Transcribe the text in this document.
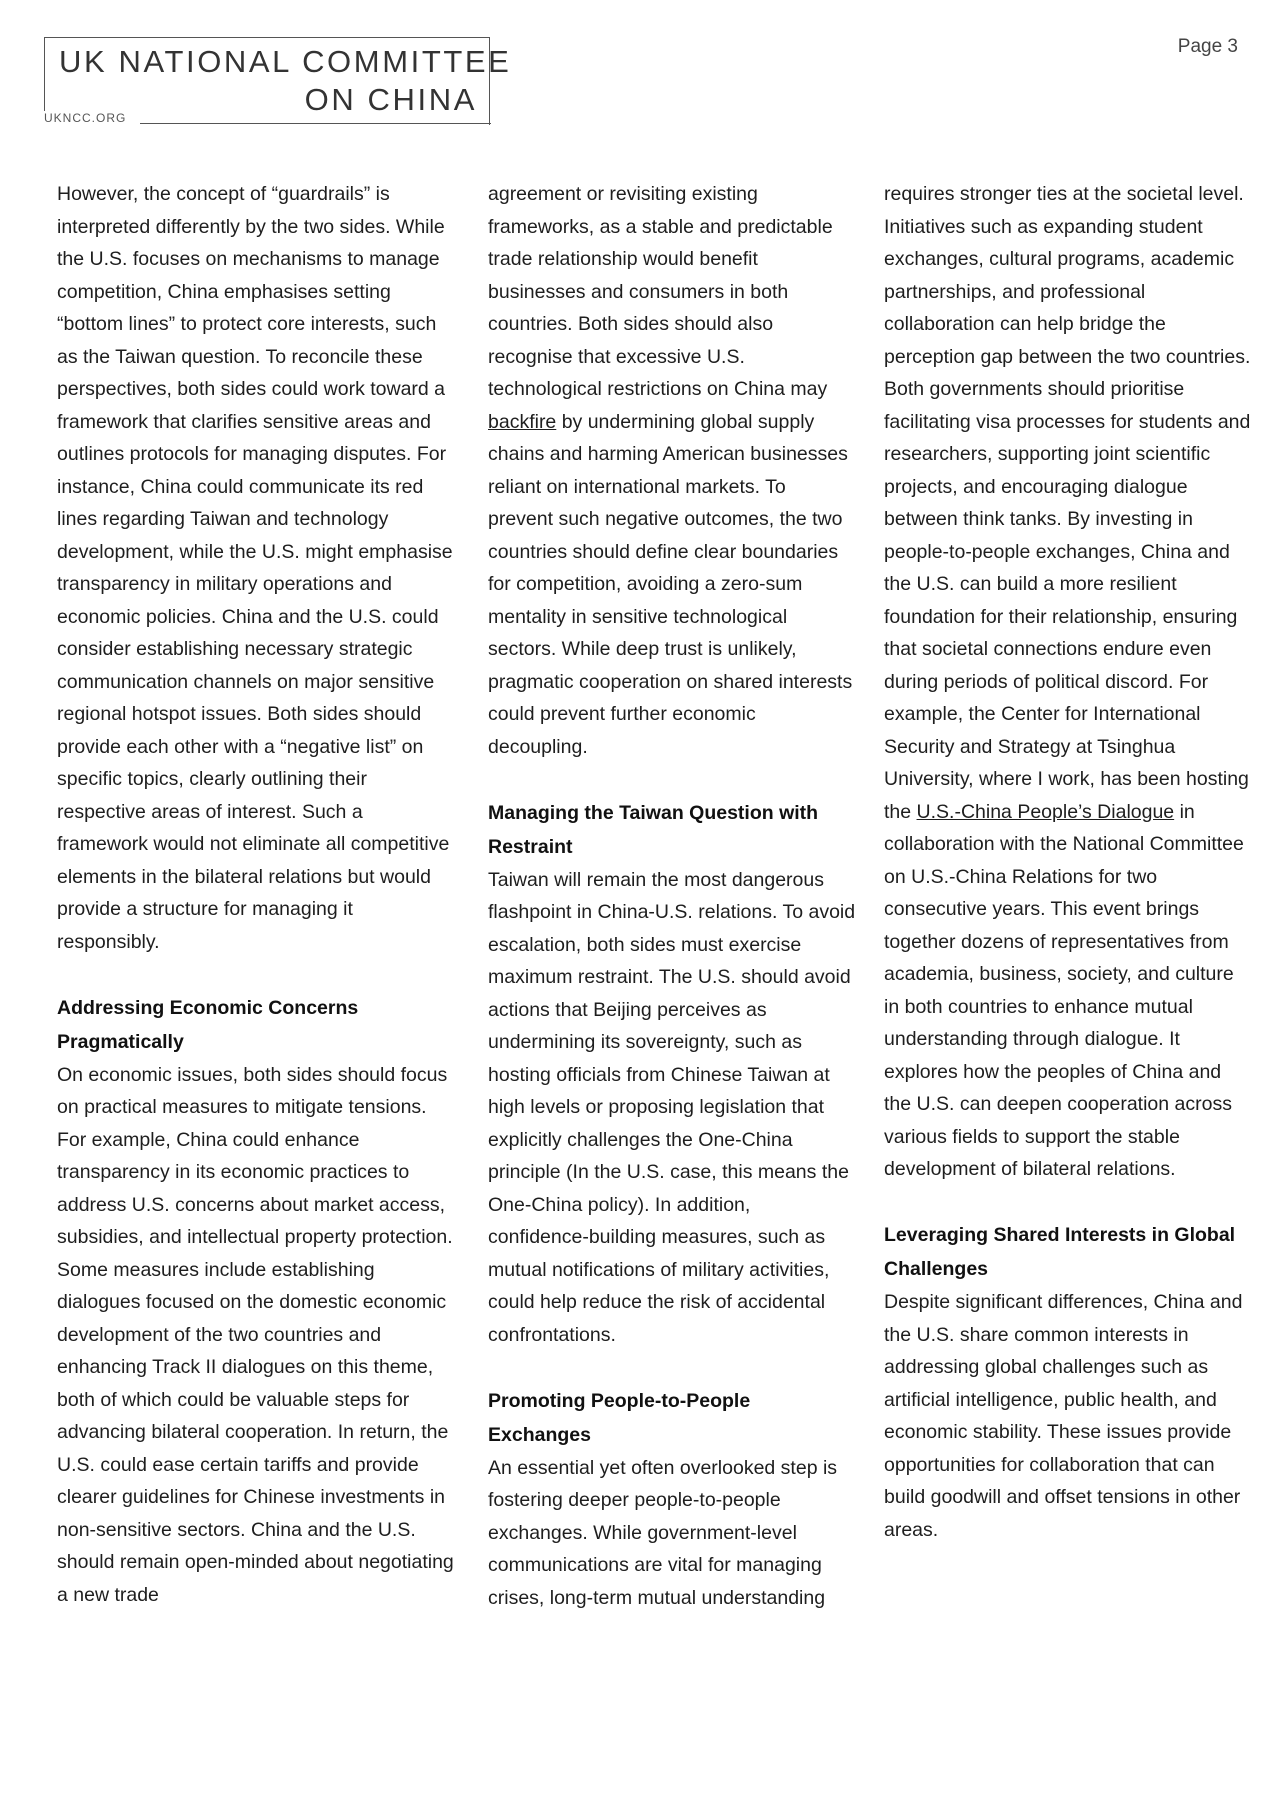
UK NATIONAL COMMITTEE
ON CHINA
UKNCC.ORG
Page 3

However, the concept of “guardrails” is interpreted differently by the two sides. While the U.S. focuses on mechanisms to manage competition, China emphasises setting “bottom lines” to protect core interests, such as the Taiwan question. To reconcile these perspectives, both sides could work toward a framework that clarifies sensitive areas and outlines protocols for managing disputes. For instance, China could communicate its red lines regarding Taiwan and technology development, while the U.S. might emphasise transparency in military operations and economic policies. China and the U.S. could consider establishing necessary strategic communication channels on major sensitive regional hotspot issues. Both sides should provide each other with a “negative list” on specific topics, clearly outlining their respective areas of interest. Such a framework would not eliminate all competitive elements in the bilateral relations but would provide a structure for managing it responsibly.

Addressing Economic Concerns Pragmatically

On economic issues, both sides should focus on practical measures to mitigate tensions. For example, China could enhance transparency in its economic practices to address U.S. concerns about market access, subsidies, and intellectual property protection. Some measures include establishing dialogues focused on the domestic economic development of the two countries and enhancing Track II dialogues on this theme, both of which could be valuable steps for advancing bilateral cooperation. In return, the U.S. could ease certain tariffs and provide clearer guidelines for Chinese investments in non-sensitive sectors. China and the U.S. should remain open-minded about negotiating a new trade

agreement or revisiting existing frameworks, as a stable and predictable trade relationship would benefit businesses and consumers in both countries. Both sides should also recognise that excessive U.S. technological restrictions on China may backfire by undermining global supply chains and harming American businesses reliant on international markets. To prevent such negative outcomes, the two countries should define clear boundaries for competition, avoiding a zero-sum mentality in sensitive technological sectors. While deep trust is unlikely, pragmatic cooperation on shared interests could prevent further economic decoupling.

Managing the Taiwan Question with Restraint

Taiwan will remain the most dangerous flashpoint in China-U.S. relations. To avoid escalation, both sides must exercise maximum restraint. The U.S. should avoid actions that Beijing perceives as undermining its sovereignty, such as hosting officials from Chinese Taiwan at high levels or proposing legislation that explicitly challenges the One-China principle (In the U.S. case, this means the One-China policy). In addition, confidence-building measures, such as mutual notifications of military activities, could help reduce the risk of accidental confrontations.

Promoting People-to-People Exchanges

An essential yet often overlooked step is fostering deeper people-to-people exchanges. While government-level communications are vital for managing crises, long-term mutual understanding

requires stronger ties at the societal level. Initiatives such as expanding student exchanges, cultural programs, academic partnerships, and professional collaboration can help bridge the perception gap between the two countries. Both governments should prioritise facilitating visa processes for students and researchers, supporting joint scientific projects, and encouraging dialogue between think tanks. By investing in people-to-people exchanges, China and the U.S. can build a more resilient foundation for their relationship, ensuring that societal connections endure even during periods of political discord. For example, the Center for International Security and Strategy at Tsinghua University, where I work, has been hosting the U.S.-China People’s Dialogue in collaboration with the National Committee on U.S.-China Relations for two consecutive years. This event brings together dozens of representatives from academia, business, society, and culture in both countries to enhance mutual understanding through dialogue. It explores how the peoples of China and the U.S. can deepen cooperation across various fields to support the stable development of bilateral relations.

Leveraging Shared Interests in Global Challenges

Despite significant differences, China and the U.S. share common interests in addressing global challenges such as artificial intelligence, public health, and economic stability. These issues provide opportunities for collaboration that can build goodwill and offset tensions in other areas.
